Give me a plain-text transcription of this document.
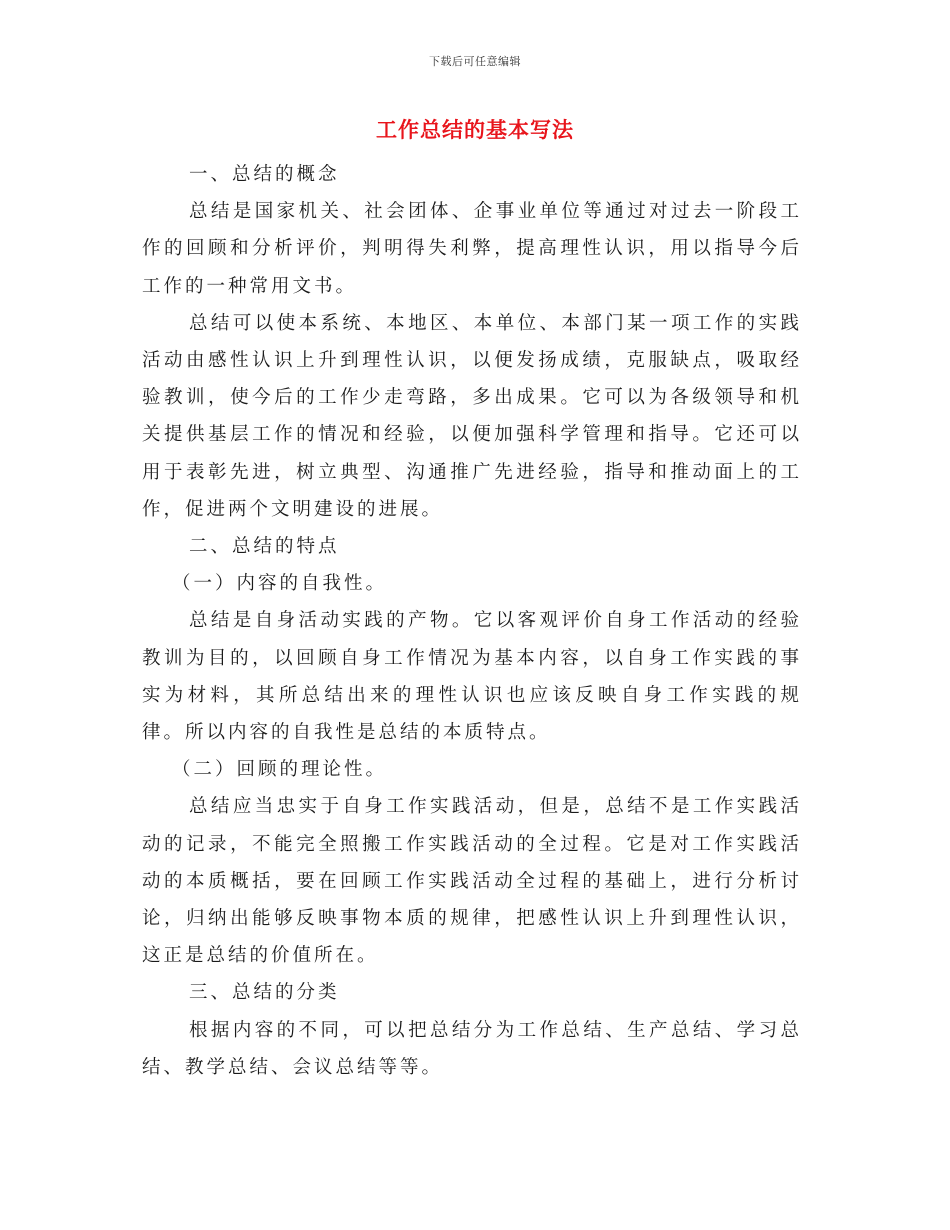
下载后可任意编辑
工作总结的基本写法

一、总结的概念

总结是国家机关、社会团体、企事业单位等通过对过去一阶段工作的回顾和分析评价，判明得失利弊，提高理性认识，用以指导今后工作的一种常用文书。

总结可以使本系统、本地区、本单位、本部门某一项工作的实践活动由感性认识上升到理性认识，以便发扬成绩，克服缺点，吸取经验教训，使今后的工作少走弯路，多出成果。它可以为各级领导和机关提供基层工作的情况和经验，以便加强科学管理和指导。它还可以用于表彰先进，树立典型、沟通推广先进经验，指导和推动面上的工作，促进两个文明建设的进展。

二、总结的特点

（一）内容的自我性。

总结是自身活动实践的产物。它以客观评价自身工作活动的经验教训为目的，以回顾自身工作情况为基本内容，以自身工作实践的事实为材料，其所总结出来的理性认识也应该反映自身工作实践的规律。所以内容的自我性是总结的本质特点。

（二）回顾的理论性。

总结应当忠实于自身工作实践活动，但是，总结不是工作实践活动的记录，不能完全照搬工作实践活动的全过程。它是对工作实践活动的本质概括，要在回顾工作实践活动全过程的基础上，进行分析讨论，归纳出能够反映事物本质的规律，把感性认识上升到理性认识，这正是总结的价值所在。

三、总结的分类

根据内容的不同，可以把总结分为工作总结、生产总结、学习总结、教学总结、会议总结等等。
